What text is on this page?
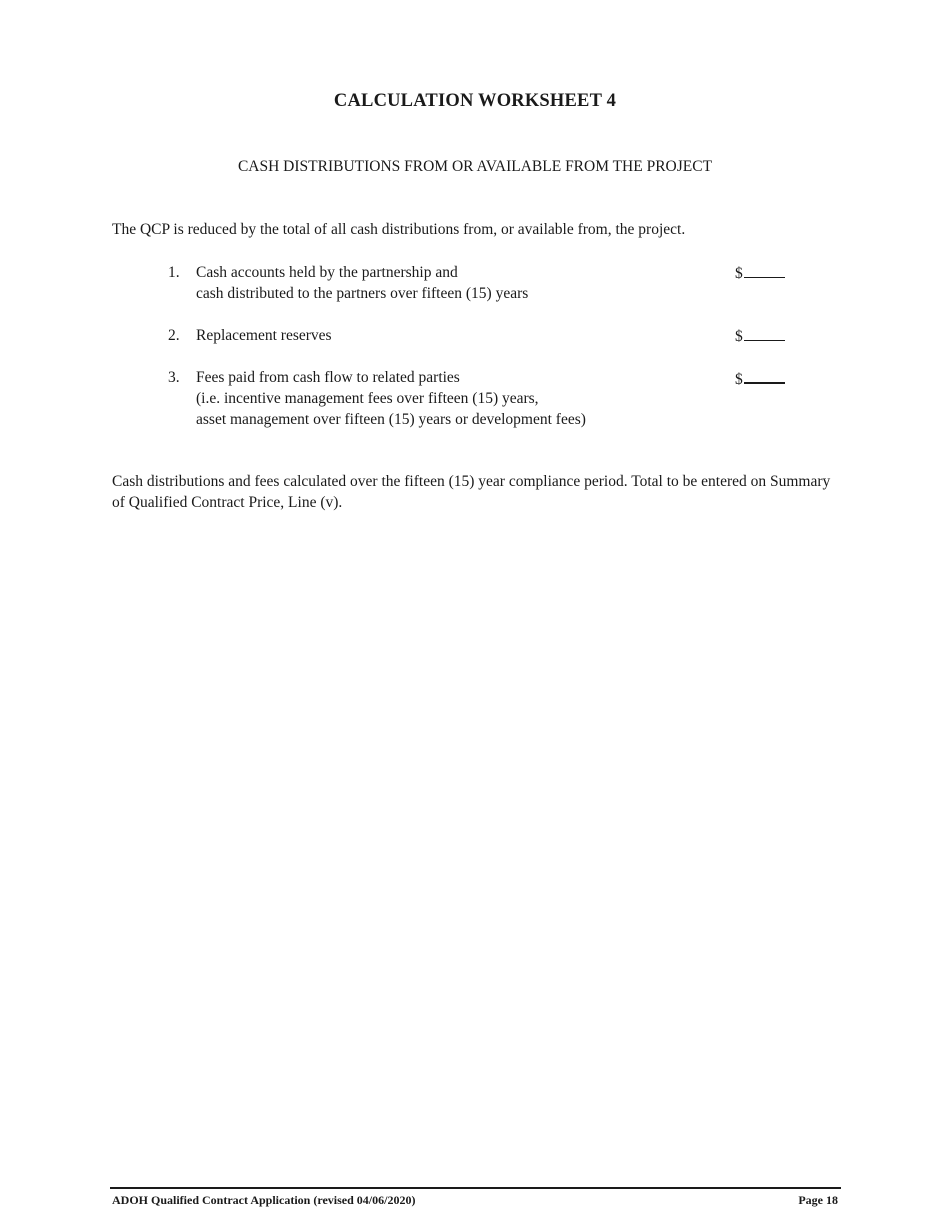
CALCULATION WORKSHEET 4
CASH DISTRIBUTIONS FROM OR AVAILABLE FROM THE PROJECT
The QCP is reduced by the total of all cash distributions from, or available from, the project.
1. Cash accounts held by the partnership and
cash distributed to the partners over fifteen (15) years
$
2. Replacement reserves	$
3. Fees paid from cash flow to related parties
(i.e. incentive management fees over fifteen (15) years,
asset management over fifteen (15) years or development fees)
$
Cash distributions and fees calculated over the fifteen (15) year compliance period. Total to be entered on Summary of Qualified Contract Price, Line (v).
ADOH Qualified Contract Application (revised 04/06/2020)	Page 18
